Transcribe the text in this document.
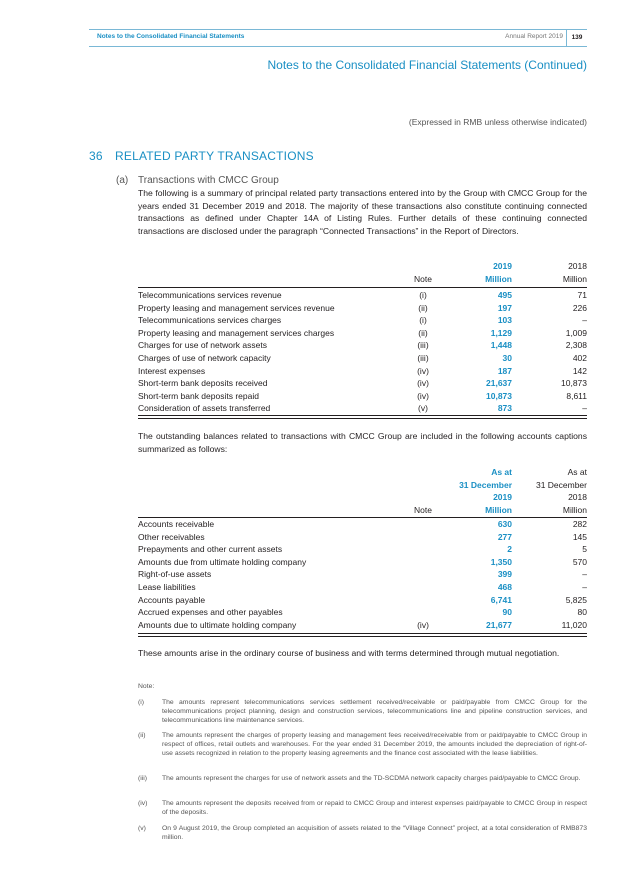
Notes to the Consolidated Financial Statements	Annual Report 2019	139
Notes to the Consolidated Financial Statements (Continued)
(Expressed in RMB unless otherwise indicated)
36 RELATED PARTY TRANSACTIONS
(a) Transactions with CMCC Group
The following is a summary of principal related party transactions entered into by the Group with CMCC Group for the years ended 31 December 2019 and 2018. The majority of these transactions also constitute continuing connected transactions as defined under Chapter 14A of Listing Rules. Further details of these continuing connected transactions are disclosed under the paragraph “Connected Transactions” in the Report of Directors.
2019	2018
Note	Million	Million
Telecommunications services revenue	(i)	495	71
Property leasing and management services revenue	(ii)	197	226
Telecommunications services charges	(i)	103	–
Property leasing and management services charges	(ii)	1,129	1,009
Charges for use of network assets	(iii)	1,448	2,308
Charges of use of network capacity	(iii)	30	402
Interest expenses	(iv)	187	142
Short-term bank deposits received	(iv)	21,637	10,873
Short-term bank deposits repaid	(iv)	10,873	8,611
Consideration of assets transferred	(v)	873	–
The outstanding balances related to transactions with CMCC Group are included in the following accounts captions summarized as follows:
As at	As at
31 December	31 December
2019	2018
Note	Million	Million
Accounts receivable	630	282
Other receivables	277	145
Prepayments and other current assets	2	5
Amounts due from ultimate holding company	1,350	570
Right-of-use assets	399	–
Lease liabilities	468	–
Accounts payable	6,741	5,825
Accrued expenses and other payables	90	80
Amounts due to ultimate holding company	(iv)	21,677	11,020
These amounts arise in the ordinary course of business and with terms determined through mutual negotiation.
Note:
(i)	The amounts represent telecommunications services settlement received/receivable or paid/payable from CMCC Group for the telecommunications project planning, design and construction services, telecommunications line and pipeline construction services, and telecommunications line maintenance services.
(ii) The amounts represent the charges of property leasing and management fees received/receivable from or paid/payable to CMCC Group in respect of offices, retail outlets and warehouses. For the year ended 31 December 2019, the amounts included the depreciation of right-of-use assets recognized in relation to the property leasing agreements and the finance cost associated with the lease liabilities.
(iii) The amounts represent the charges for use of network assets and the TD-SCDMA network capacity charges paid/payable to CMCC Group.
(iv) The amounts represent the deposits received from or repaid to CMCC Group and interest expenses paid/payable to CMCC Group in respect of the deposits.
(v) On 9 August 2019, the Group completed an acquisition of assets related to the “Village Connect” project, at a total consideration of RMB873 million.
